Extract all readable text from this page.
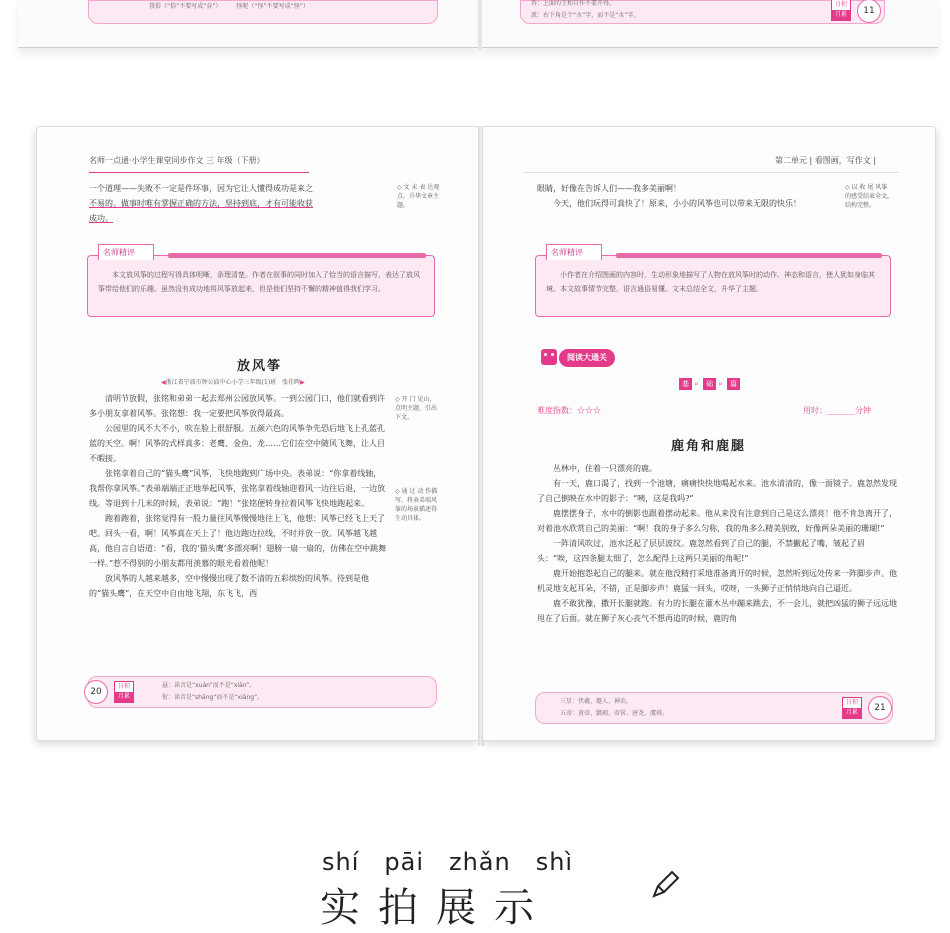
我俗（“俗”不要写成“谷”）　　　怪呢（“怪”不要写成“怪”）	答：上面的王和自作不要开得。
派：右下角是个“水”字，而不是“水”字。
日积
月累	11
名师一点通·小学生课堂同步作文 三 年级（下册）

一个道理——失败不一定是件坏事，因为它让人懂得成功是来之

不易的。做事时唯有掌握正确的方法，坚持到底，才有可能收获

成功。

◇ 文 末 表 达观点，升华文章主题。
名师精评
本文放风筝的过程写得具体明晰，条理清楚。作者在叙事的同时加入了恰当的语言描写，表达了放风筝带给他们的乐趣。虽然没有成功地将风筝放起来，但是他们坚持不懈的精神值得我们学习。
放风筝
◀浙江省宁波市钟公庙中心小学三年级(1)班　张佳晖▶

清明节放假，张铭和弟弟一起去郑州公园放风筝。一到公园门口，他们就看到许多小朋友拿着风筝。张铭想：我一定要把风筝放得最高。

公园里的风不大不小，吹在脸上很舒服。五颜六色的风筝争先恐后地飞上孔蓝孔蓝的天空。啊！风筝的式样真多：老鹰、金鱼、龙……它们在空中随风飞舞，让人目不暇接。

张铭拿着自己的“猫头鹰”风筝，飞快地跑到广场中央。表弟说：“你拿着线轴，我帮你拿风筝。”表弟端端正正地举起风筝，张铭拿着线轴迎着风一边往后退，一边放线。等退到十几米的时候，表弟说：“跑！”张铭便转身拉着风筝飞快地跑起来。

跑着跑着，张铭觉得有一股力量往风筝慢慢地往上飞，他想：风筝已经飞上天了吧。回头一看，啊！风筝真在天上了！他边跑边拉线，不时并放一放。风筝越飞越高，他自言自语道：“看，我的‘猫头鹰’多漂亮啊！翅膀一扇一扇的，仿佛在空中跳舞一样。”惹不得别的小朋友都用羡慕的眼光看着他呢！

放风筝的人越来越多，空中慢慢出现了数不清的五彩缤纷的风筝。待到是他的“猫头鹰”，在天空中自由地飞翔，东飞飞，西

◇ 开 门 见山，点明主题，引出下文。
◇ 通 过 动 作描写，将表弟端风筝的场景描述得生动具体。
20
日积
月累
悬：读音是“xuán”而不是“xiān”。
衔：读音是“shāng”而不是“xiāng”。
第二单元 | 看图画，写作文 |

眼睛，好像在告诉人们——我多美丽啊！

今天，他们玩得可真快了！原来，小小的风筝也可以带来无限的快乐！

◇ 以 收 尾 风筝的感受结束全文，结构完整。
名师精评
小作者在介绍图画的内容时，生动形象地描写了人物在放风筝时的动作、神态和语言，使人犹如身临其境。本文故事情节完整，语言通俗易懂。文末总结全文，升华了主题。
阅读大通关
基 »	础 »	篇
难度指数：☆☆☆	用时：_______分钟
鹿角和鹿腿

丛林中，住着一只漂亮的鹿。

有一天，鹿口渴了，找到一个池塘，痛痛快快地喝起水来。池水清清的，像一面镜子。鹿忽然发现了自己倒映在水中的影子：“咦，这是我吗?”

鹿摆摆身子，水中的倒影也跟着摆动起来。他从来没有注意到自己是这么漂亮！他不肯急离开了，对着池水欣赏自己的美丽：“啊！我的身子多么匀称，我的角多么精美别致，好像两朵美丽的珊瑚!”

一阵清风吹过，池水泛起了层层波纹。鹿忽然看到了自己的腿，不禁撇起了嘴，皱起了眉头：“唉，这四条腿太细了，怎么配得上这两只美丽的角呢!”

鹿开始抱怨起自己的腿来。就在他没精打采地准备离开的时候，忽然听到远处传来一阵脚步声。他机灵地支起耳朵，不错，正是脚步声！鹿猛一回头，哎呀，一头狮子正悄悄地向自己逼近。

鹿不敢犹豫，撒开长腿就跑。有力的长腿在灌木丛中蹦来跳去，不一会儿，就把凶猛的狮子远远地甩在了后面。就在狮子灰心丧气不想再追的时候，鹿的角

三星：伏羲、燧人、神农。
五帝：黄帝、颛顼、帝喾、唐尧、虞舜。
日积
月累	21
shí　pāi　zhǎn　shì
实拍展示
